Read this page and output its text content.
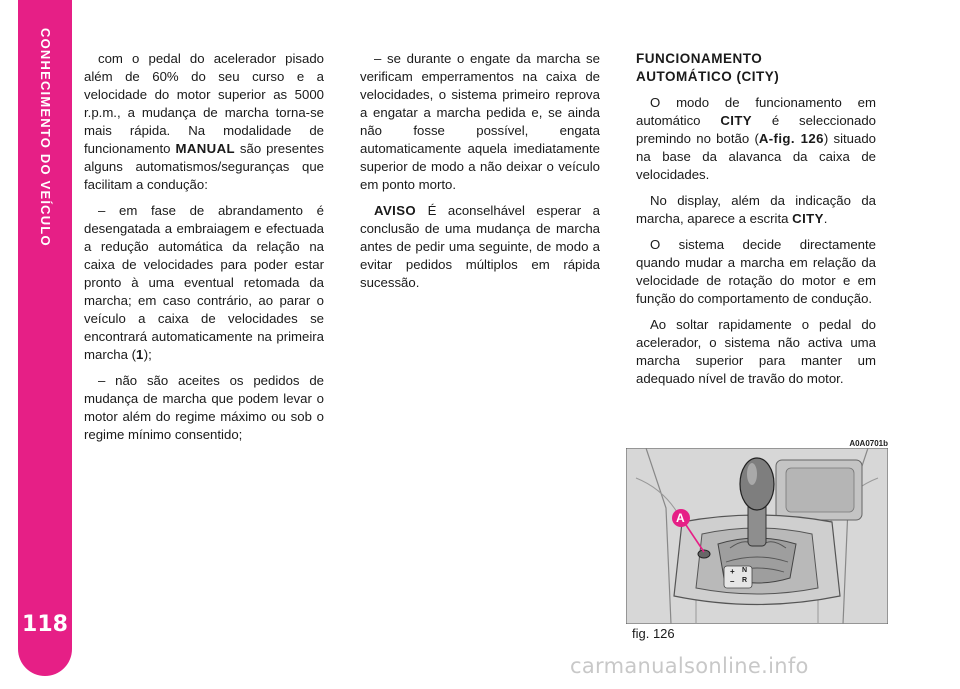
CONHECIMENTO DO VEÍCULO
118

com o pedal do acelerador pisado além de 60% do seu curso e a velocidade do motor superior as 5000 r.p.m., a mudança de marcha torna-se mais rápida. Na modalidade de funcionamento MANUAL são presentes alguns automatismos/seguranças que facilitam a condução:

– em fase de abrandamento é desengatada a embraiagem e efectuada a redução automática da relação na caixa de velocidades para poder estar pronto à uma eventual retomada da marcha; em caso contrário, ao parar o veículo a caixa de velocidades se encontrará automaticamente na primeira marcha (1);

– não são aceites os pedidos de mudança de marcha que podem levar o motor além do regime máximo ou sob o regime mínimo consentido;

– se durante o engate da marcha se verificam emperramentos na caixa de velocidades, o sistema primeiro reprova a engatar a marcha pedida e, se ainda não fosse possível, engata automaticamente aquela imediatamente superior de modo a não deixar o veículo em ponto morto.

AVISO É aconselhável esperar a conclusão de uma mudança de marcha antes de pedir uma seguinte, de modo a evitar pedidos múltiplos em rápida sucessão.

FUNCIONAMENTO
AUTOMÁTICO (CITY)

O modo de funcionamento em automático CITY é seleccionado premindo no botão (A-fig. 126) situado na base da alavanca da caixa de velocidades.

No display, além da indicação da marcha, aparece a escrita CITY.

O sistema decide directamente quando mudar a marcha em relação da velocidade de rotação do motor e em função do comportamento de condução.

Ao soltar rapidamente o pedal do acelerador, o sistema não activa uma marcha superior para manter um adequado nível de travão do motor.

A0A0701b
+
–
N
R
A
fig. 126
carmanualsonline.info
